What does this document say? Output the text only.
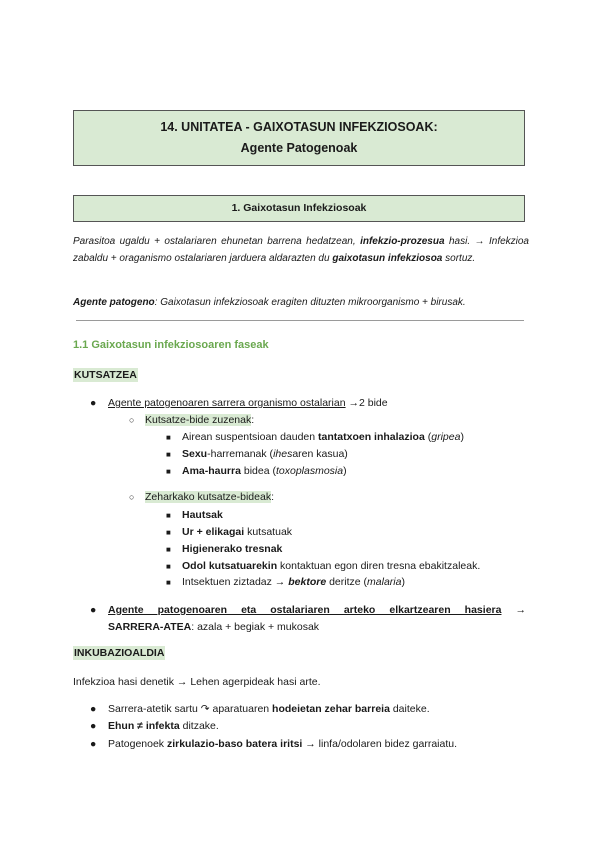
14. UNITATEA - GAIXOTASUN INFEKZIOSOAK:
Agente Patogenoak
1. Gaixotasun Infekziosoak
Parasitoa ugaldu + ostalariaren ehunetan barrena hedatzean, infekzio-prozesua hasi. → Infekzioa zabaldu + oraganismo ostalariaren jarduera aldarazten du gaixotasun infekziosoa sortuz.
Agente patogeno: Gaixotasun infekziosoak eragiten dituzten mikroorganismo + birusak.
1.1 Gaixotasun infekziosoaren faseak
KUTSATZEA
● Agente patogenoaren sarrera organismo ostalarian →2 bide
○ Kutsatze-bide zuzenak:
■ Airean suspentsioan dauden tantatxoen inhalazioa (gripea)
■ Sexu-harremanak (ihesaren kasua)
■ Ama-haurra bidea (toxoplasmosia)
○ Zeharkako kutsatze-bideak:
■ Hautsak
■ Ur + elikagai kutsatuak
■ Higienerako tresnak
■ Odol kutsatuarekin kontaktuan egon diren tresna ebakitzaleak.
■ Intsektuen ziztadaz → bektore deritze (malaria)
● Agente patogenoaren eta ostalariaren arteko elkartzearen hasiera →
SARRERA-ATEA: azala + begiak + mukosak
INKUBAZIOALDIA
Infekzioa hasi denetik → Lehen agerpideak hasi arte.
● Sarrera-atetik sartu ↷ aparatuaren hodeietan zehar barreia daiteke.
● Ehun ≠ infekta ditzake.
● Patogenoek zirkulazio-baso batera iritsi → linfa/odolaren bidez garraiatu.
